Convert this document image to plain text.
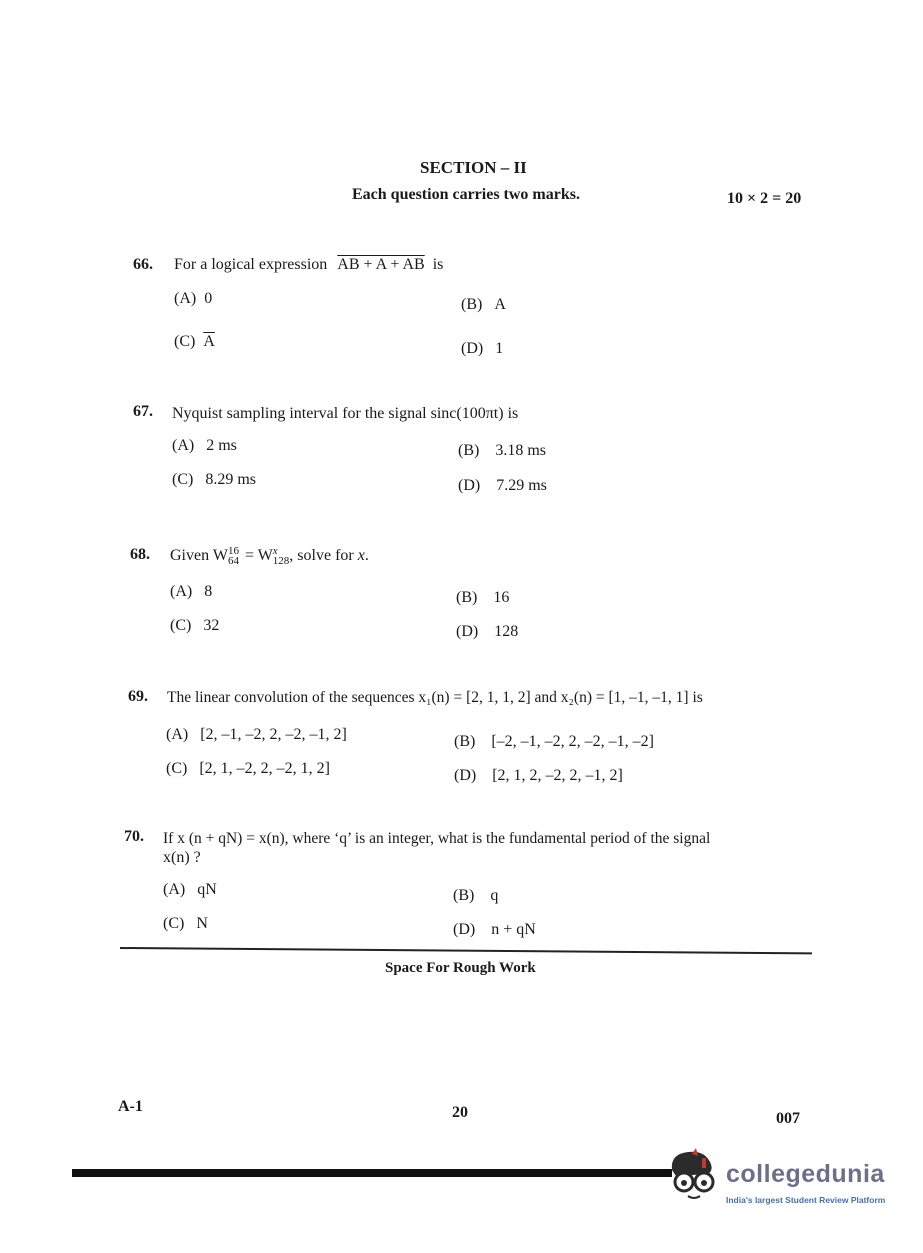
SECTION – II
Each question carries two marks.	10 × 2 = 20
66. For a logical expression AB + A + AB is
(A) 0	(B) A
(C) $\overline{A}$	(D) 1
67. Nyquist sampling interval for the signal sinc(100πt) is
(A) 2 ms	(B) 3.18 ms
(C) 8.29 ms	(D) 7.29 ms
68. Given W 16
64 = W x
128 , solve for x.
(A) 8	(B) 16
(C) 32	(D) 128
69. The linear convolution of the sequences x₁(n) = [2, 1, 1, 2] and x₂(n) = [1, –1, –1, 1] is
(A) [2, –1, –2, 2, –2, –1, 2]	(B) [–2, –1, –2, 2, –2, –1, –2]
(C) [2, 1, –2, 2, –2, 1, 2]	(D) [2, 1, 2, –2, 2, –1, 2]
70. If x (n + qN) = x(n), where ‘q’ is an integer, what is the fundamental period of the signal
x(n) ?
(A) qN	(B) q
(C) N	(D) n + qN
Space For Rough Work
A-1	20	007
collegedunia
India's largest Student Review Platform
